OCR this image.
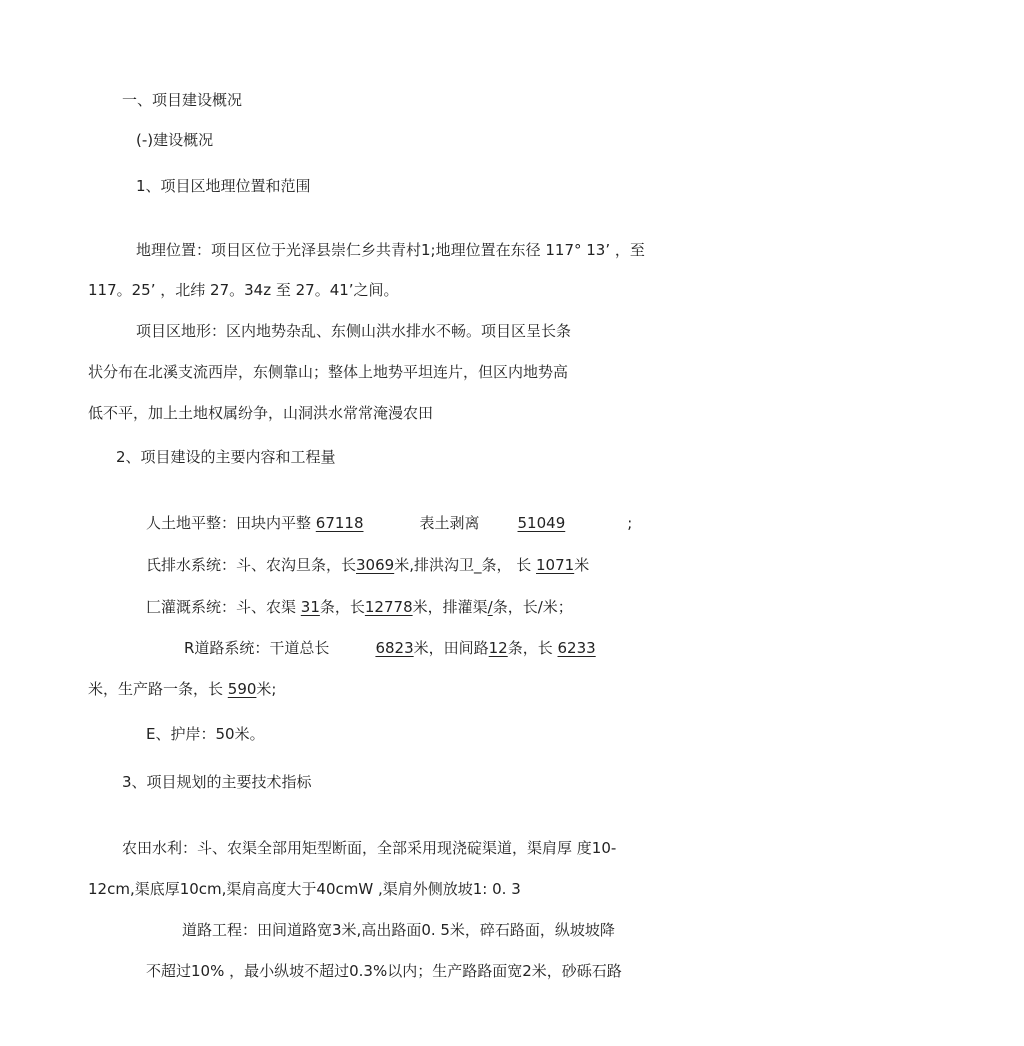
一、项目建设概况
(-)建设概况
1、项目区地理位置和范围
地理位置：项目区位于光泽县崇仁乡共青村1;地理位置在东径 117° 13’ ，至
117。25’ ，北纬 27。34z 至 27。41’之间。
项目区地形：区内地势杂乱、东侧山洪水排水不畅。项目区呈长条
状分布在北溪支流西岸，东侧靠山；整体上地势平坦连片，但区内地势高
低不平，加上土地权属纷争，山洞洪水常常淹漫农田
2、项目建设的主要内容和工程量
人土地平整：田块内平整 67118	表土剥离	51049	;
氏排水系统：斗、农沟旦条，长3069米,排洪沟卫_条， 长 1071米
匚灌溉系统：斗、农渠 31条，长12778米，排灌渠/条，长/米；
R道路系统：干道总长	6823米，田间路12条，长 6233
米，生产路一条，长 590米;
E、护岸：50米。
3、项目规划的主要技术指标
农田水利：斗、农渠全部用矩型断面，全部采用现浇碇渠道，渠肩厚 度10-
12cm,渠底厚10cm,渠肩高度大于40cmW ,渠肩外侧放坡1: 0. 3
道路工程：田间道路宽3米,高出路面0. 5米，碎石路面，纵坡坡降
不超过10% ，最小纵坡不超过0.3%以内；生产路路面宽2米，砂砾石路
